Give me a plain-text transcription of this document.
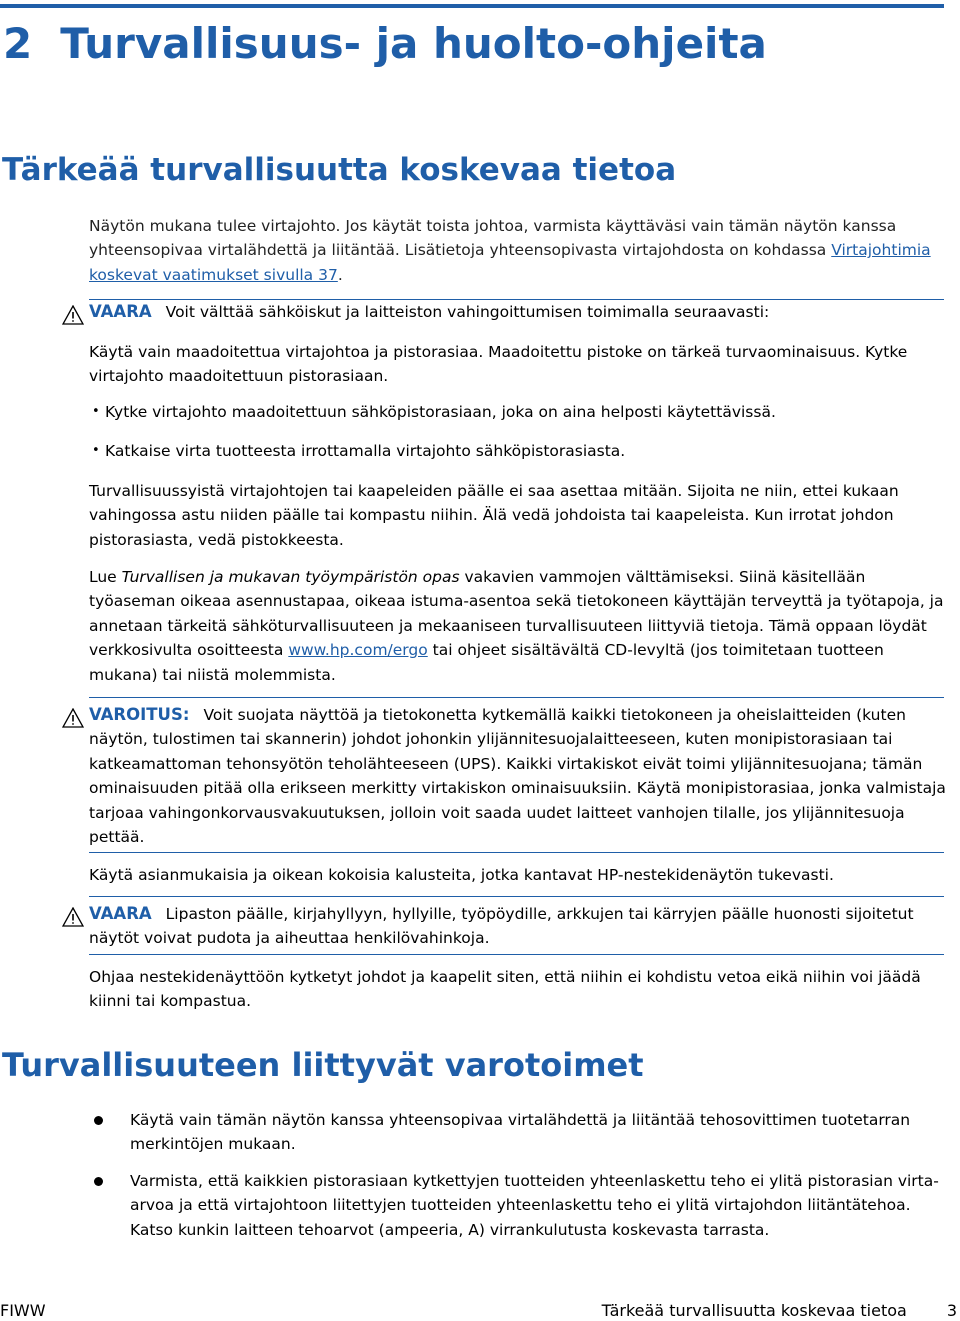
2 Turvallisuus- ja huolto-ohjeita
Tärkeää turvallisuutta koskevaa tietoa

Näytön mukana tulee virtajohto. Jos käytät toista johtoa, varmista käyttäväsi vain tämän näytön kanssa yhteensopivaa virtalähdettä ja liitäntää. Lisätietoja yhteensopivasta virtajohdosta on kohdassa Virtajohtimia koskevat vaatimukset sivulla 37.

VAARA Voit välttää sähköiskut ja laitteiston vahingoittumisen toimimalla seuraavasti:

Käytä vain maadoitettua virtajohtoa ja pistorasiaa. Maadoitettu pistoke on tärkeä turvaominaisuus. Kytke virtajohto maadoitettuun pistorasiaan.

• Kytke virtajohto maadoitettuun sähköpistorasiaan, joka on aina helposti käytettävissä.

• Katkaise virta tuotteesta irrottamalla virtajohto sähköpistorasiasta.

Turvallisuussyistä virtajohtojen tai kaapeleiden päälle ei saa asettaa mitään. Sijoita ne niin, ettei kukaan vahingossa astu niiden päälle tai kompastu niihin. Älä vedä johdoista tai kaapeleista. Kun irrotat johdon pistorasiasta, vedä pistokkeesta.

Lue Turvallisen ja mukavan työympäristön opas vakavien vammojen välttämiseksi. Siinä käsitellään työaseman oikeaa asennustapaa, oikeaa istuma-asentoa sekä tietokoneen käyttäjän terveyttä ja työtapoja, ja annetaan tärkeitä sähköturvallisuuteen ja mekaaniseen turvallisuuteen liittyviä tietoja. Tämä oppaan löydät verkkosivulta osoitteesta www.hp.com/ergo tai ohjeet sisältävältä CD-levyltä (jos toimitetaan tuotteen mukana) tai niistä molemmista.

VAROITUS: Voit suojata näyttöä ja tietokonetta kytkemällä kaikki tietokoneen ja oheislaitteiden (kuten näytön, tulostimen tai skannerin) johdot johonkin ylijännitesuojalaitteeseen, kuten monipistorasiaan tai katkeamattoman tehonsyötön teholähteeseen (UPS). Kaikki virtakiskot eivät toimi ylijännitesuojana; tämän ominaisuuden pitää olla erikseen merkitty virtakiskon ominaisuuksiin. Käytä monipistorasiaa, jonka valmistaja tarjoaa vahingonkorvausvakuutuksen, jolloin voit saada uudet laitteet vanhojen tilalle, jos ylijännitesuoja pettää.

Käytä asianmukaisia ja oikean kokoisia kalusteita, jotka kantavat HP-nestekidenäytön tukevasti.

VAARA Lipaston päälle, kirjahyllyyn, hyllyille, työpöydille, arkkujen tai kärryjen päälle huonosti sijoitetut näytöt voivat pudota ja aiheuttaa henkilövahinkoja.

Ohjaa nestekidenäyttöön kytketyt johdot ja kaapelit siten, että niihin ei kohdistu vetoa eikä niihin voi jäädä kiinni tai kompastua.

Turvallisuuteen liittyvät varotoimet

Käytä vain tämän näytön kanssa yhteensopivaa virtalähdettä ja liitäntää tehosovittimen tuotetarran merkintöjen mukaan.

Varmista, että kaikkien pistorasiaan kytkettyjen tuotteiden yhteenlaskettu teho ei ylitä pistorasian virta-arvoa ja että virtajohtoon liitettyjen tuotteiden yhteenlaskettu teho ei ylitä virtajohdon liitäntätehoa. Katso kunkin laitteen tehoarvot (ampeeria, A) virrankulutusta koskevasta tarrasta.

FIWW	Tärkeää turvallisuutta koskevaa tietoa	3
